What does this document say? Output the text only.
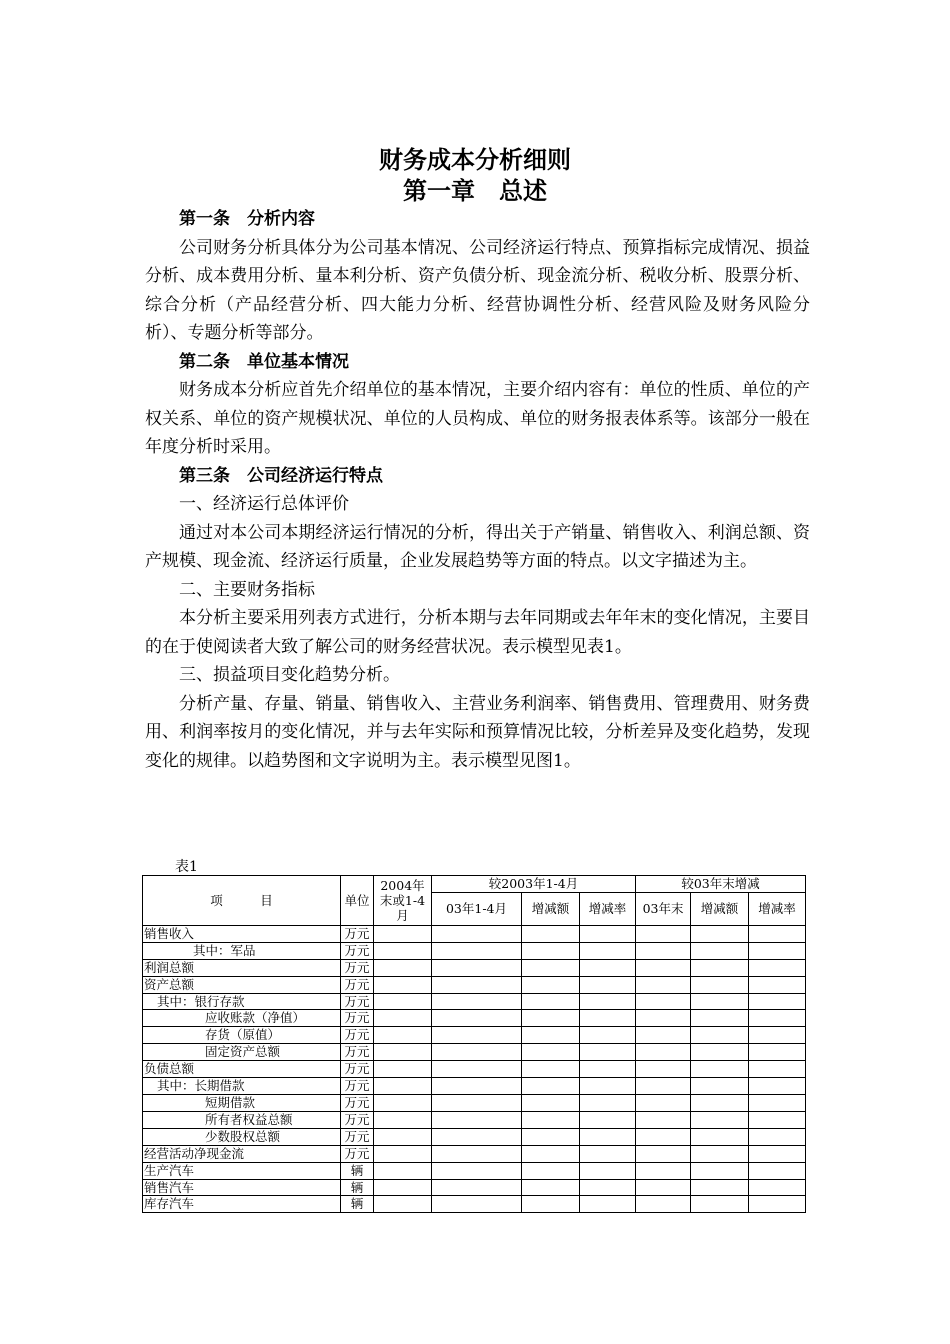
财务成本分析细则
第一章　总述

第一条　分析内容

公司财务分析具体分为公司基本情况、公司经济运行特点、预算指标完成情况、损益分析、成本费用分析、量本利分析、资产负债分析、现金流分析、税收分析、股票分析、综合分析（产品经营分析、四大能力分析、经营协调性分析、经营风险及财务风险分析）、专题分析等部分。

第二条　单位基本情况

财务成本分析应首先介绍单位的基本情况，主要介绍内容有：单位的性质、单位的产权关系、单位的资产规模状况、单位的人员构成、单位的财务报表体系等。该部分一般在年度分析时采用。

第三条　公司经济运行特点

一、经济运行总体评价

通过对本公司本期经济运行情况的分析，得出关于产销量、销售收入、利润总额、资产规模、现金流、经济运行质量，企业发展趋势等方面的特点。以文字描述为主。

二、主要财务指标

本分析主要采用列表方式进行，分析本期与去年同期或去年年末的变化情况，主要目的在于使阅读者大致了解公司的财务经营状况。表示模型见表1。

三、损益项目变化趋势分析。

分析产量、存量、销量、销售收入、主营业务利润率、销售费用、管理费用、财务费用、利润率按月的变化情况，并与去年实际和预算情况比较，分析差异及变化趋势，发现变化的规律。以趋势图和文字说明为主。表示模型见图1。

表1
项　　　目	单位	2004年末或1-4月	较2003年1-4月			较03年末增减		
			03年1-4月	增减额	增减率	03年末	增减额	增减率
销售收入	万元							
其中：军品	万元							
利润总额	万元							
资产总额	万元							
其中：银行存款	万元							
应收账款（净值）	万元							
存货（原值）	万元							
固定资产总额	万元							
负债总额	万元							
其中：长期借款	万元							
短期借款	万元							
所有者权益总额	万元							
少数股权总额	万元							
经营活动净现金流	万元							
生产汽车	辆							
销售汽车	辆							
库存汽车	辆							
